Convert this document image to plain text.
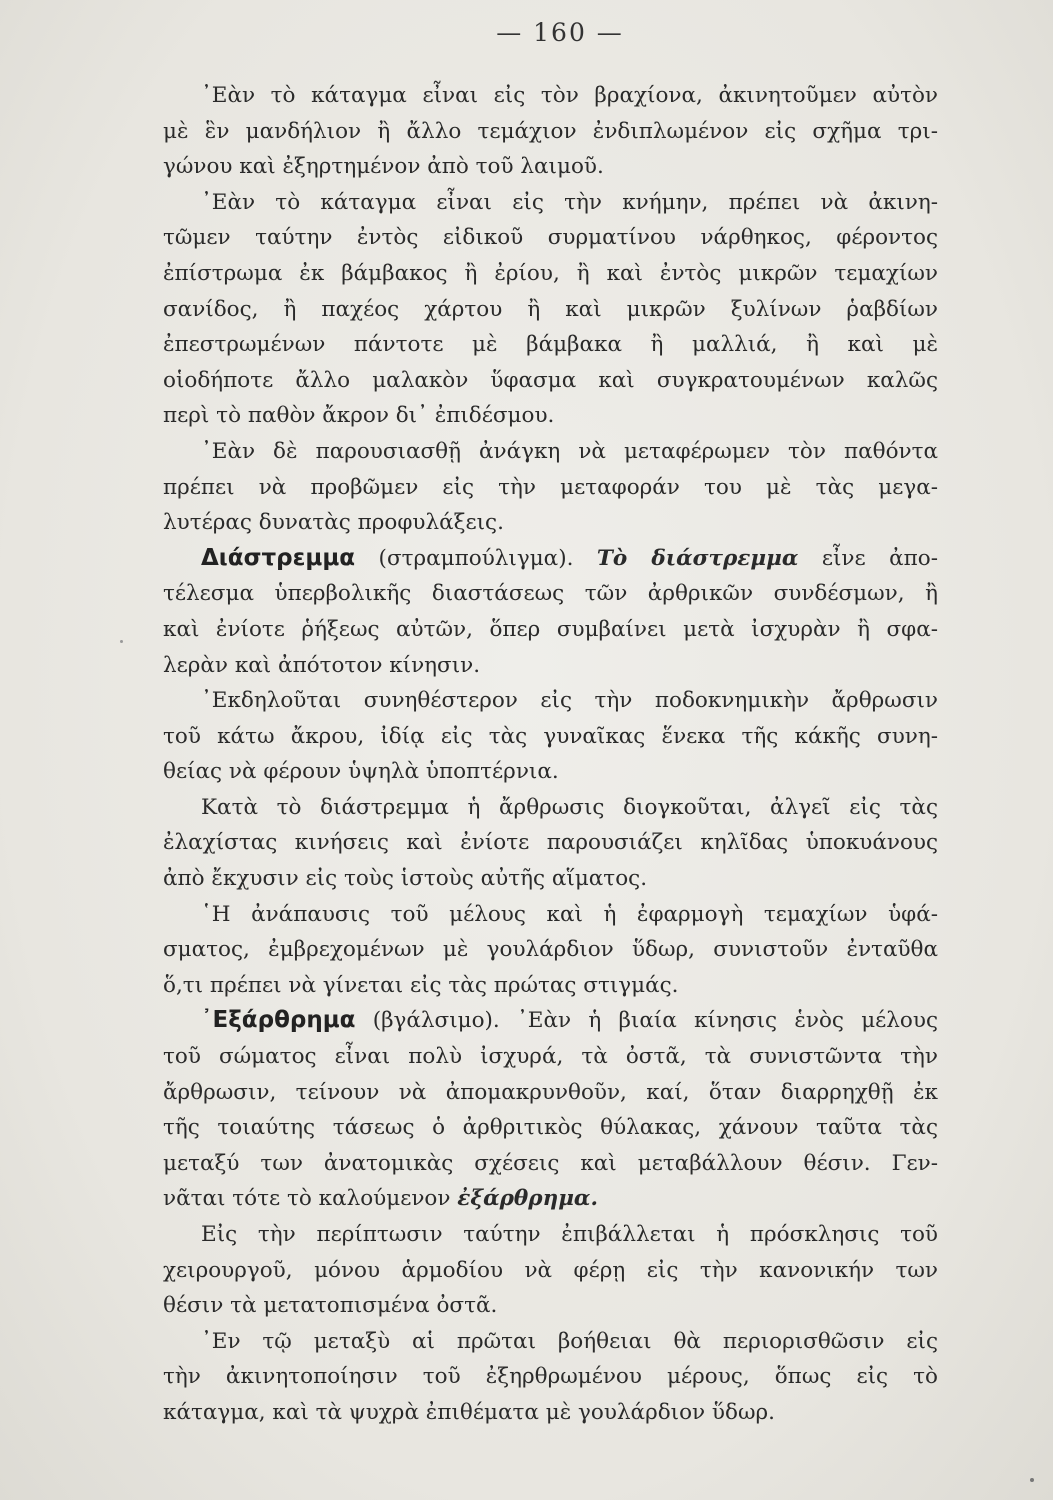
— 160 —
᾿Εὰν τὸ κάταγμα εἶναι εἰς τὸν βραχίονα, ἀκινητοῦμεν αὐτὸν
μὲ ἓν μανδήλιον ἢ ἄλλο τεμάχιον ἐνδιπλωμένον εἰς σχῆμα τρι-
γώνου καὶ ἐξηρτημένον ἀπὸ τοῦ λαιμοῦ.
᾿Εὰν τὸ κάταγμα εἶναι εἰς τὴν κνήμην, πρέπει νὰ ἀκινη-
τῶμεν ταύτην ἐντὸς εἰδικοῦ συρματίνου νάρθηκος, φέροντος
ἐπίστρωμα ἐκ βάμβακος ἢ ἐρίου, ἢ καὶ ἐντὸς μικρῶν τεμαχίων
σανίδος, ἢ παχέος χάρτου ἢ καὶ μικρῶν ξυλίνων ῥαβδίων
ἐπεστρωμένων πάντοτε μὲ βάμβακα ἢ μαλλιά, ἢ καὶ μὲ
οἱοδήποτε ἄλλο μαλακὸν ὕφασμα καὶ συγκρατουμένων καλῶς
περὶ τὸ παθὸν ἄκρον δι᾿ ἐπιδέσμου.
᾿Εὰν δὲ παρουσιασθῇ ἀνάγκη νὰ μεταφέρωμεν τὸν παθόντα
πρέπει νὰ προβῶμεν εἰς τὴν μεταφοράν του μὲ τὰς μεγα-
λυτέρας δυνατὰς προφυλάξεις.
Διάστρεμμα (στραμπούλιγμα). Τὸ διάστρεμμα εἶνε ἀπο-
τέλεσμα ὑπερβολικῆς διαστάσεως τῶν ἀρθρικῶν συνδέσμων, ἢ
καὶ ἐνίοτε ῥήξεως αὐτῶν, ὅπερ συμβαίνει μετὰ ἰσχυρὰν ἢ σφα-
λερὰν καὶ ἀπότοτον κίνησιν.
᾿Εκδηλοῦται συνηθέστερον εἰς τὴν ποδοκνημικὴν ἄρθρωσιν
τοῦ κάτω ἄκρου, ἰδίᾳ εἰς τὰς γυναῖκας ἕνεκα τῆς κάκῆς συνη-
θείας νὰ φέρουν ὑψηλὰ ὑποπτέρνια.
Κατὰ τὸ διάστρεμμα ἡ ἄρθρωσις διογκοῦται, ἀλγεῖ εἰς τὰς
ἐλαχίστας κινήσεις καὶ ἐνίοτε παρουσιάζει κηλῖδας ὑποκυάνους
ἀπὸ ἔκχυσιν εἰς τοὺς ἱστοὺς αὐτῆς αἵματος.
῾Η ἀνάπαυσις τοῦ μέλους καὶ ἡ ἐφαρμογὴ τεμαχίων ὑφά-
σματος, ἐμβρεχομένων μὲ γουλάρδιον ὕδωρ, συνιστοῦν ἐνταῦθα
ὅ,τι πρέπει νὰ γίνεται εἰς τὰς πρώτας στιγμάς.
᾿Εξάρθρημα (βγάλσιμο). ᾿Εὰν ἡ βιαία κίνησις ἑνὸς μέλους
τοῦ σώματος εἶναι πολὺ ἰσχυρά, τὰ ὀστᾶ, τὰ συνιστῶντα τὴν
ἄρθρωσιν, τείνουν νὰ ἀπομακρυνθοῦν, καί, ὅταν διαρρηχθῇ ἐκ
τῆς τοιαύτης τάσεως ὁ ἀρθριτικὸς θύλακας, χάνουν ταῦτα τὰς
μεταξύ των ἀνατομικὰς σχέσεις καὶ μεταβάλλουν θέσιν. Γεν-
νᾶται τότε τὸ καλούμενον ἐξάρθρημα.
Εἰς τὴν περίπτωσιν ταύτην ἐπιβάλλεται ἡ πρόσκλησις τοῦ
χειρουργοῦ, μόνου ἁρμοδίου νὰ φέρῃ εἰς τὴν κανονικήν των
θέσιν τὰ μετατοπισμένα ὀστᾶ.
᾿Εν τῷ μεταξὺ αἱ πρῶται βοήθειαι θὰ περιορισθῶσιν εἰς
τὴν ἀκινητοποίησιν τοῦ ἐξηρθρωμένου μέρους, ὅπως εἰς τὸ
κάταγμα, καὶ τὰ ψυχρὰ ἐπιθέματα μὲ γουλάρδιον ὕδωρ.
